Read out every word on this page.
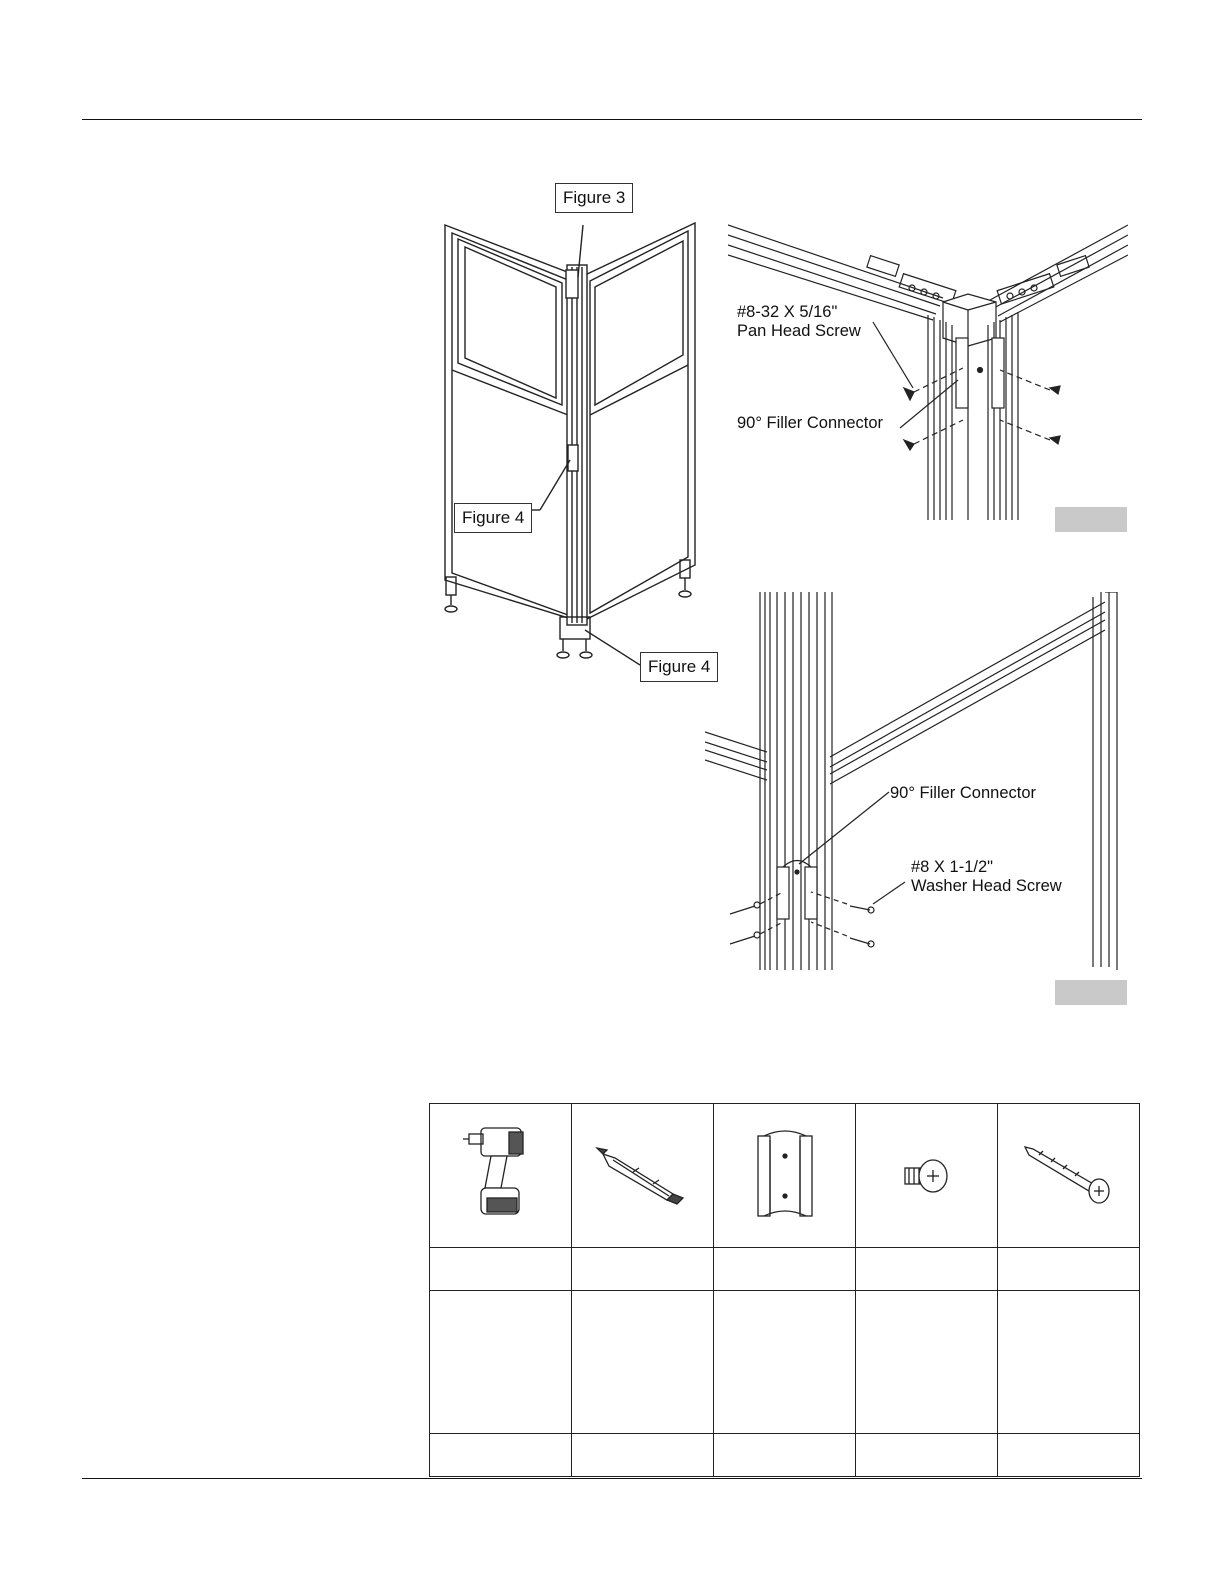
Figure 3
Figure 4
Figure 4
#8-32 X 5/16"
Pan Head Screw
90° Filler Connector
90° Filler Connector
#8 X 1-1/2"
Washer Head Screw
